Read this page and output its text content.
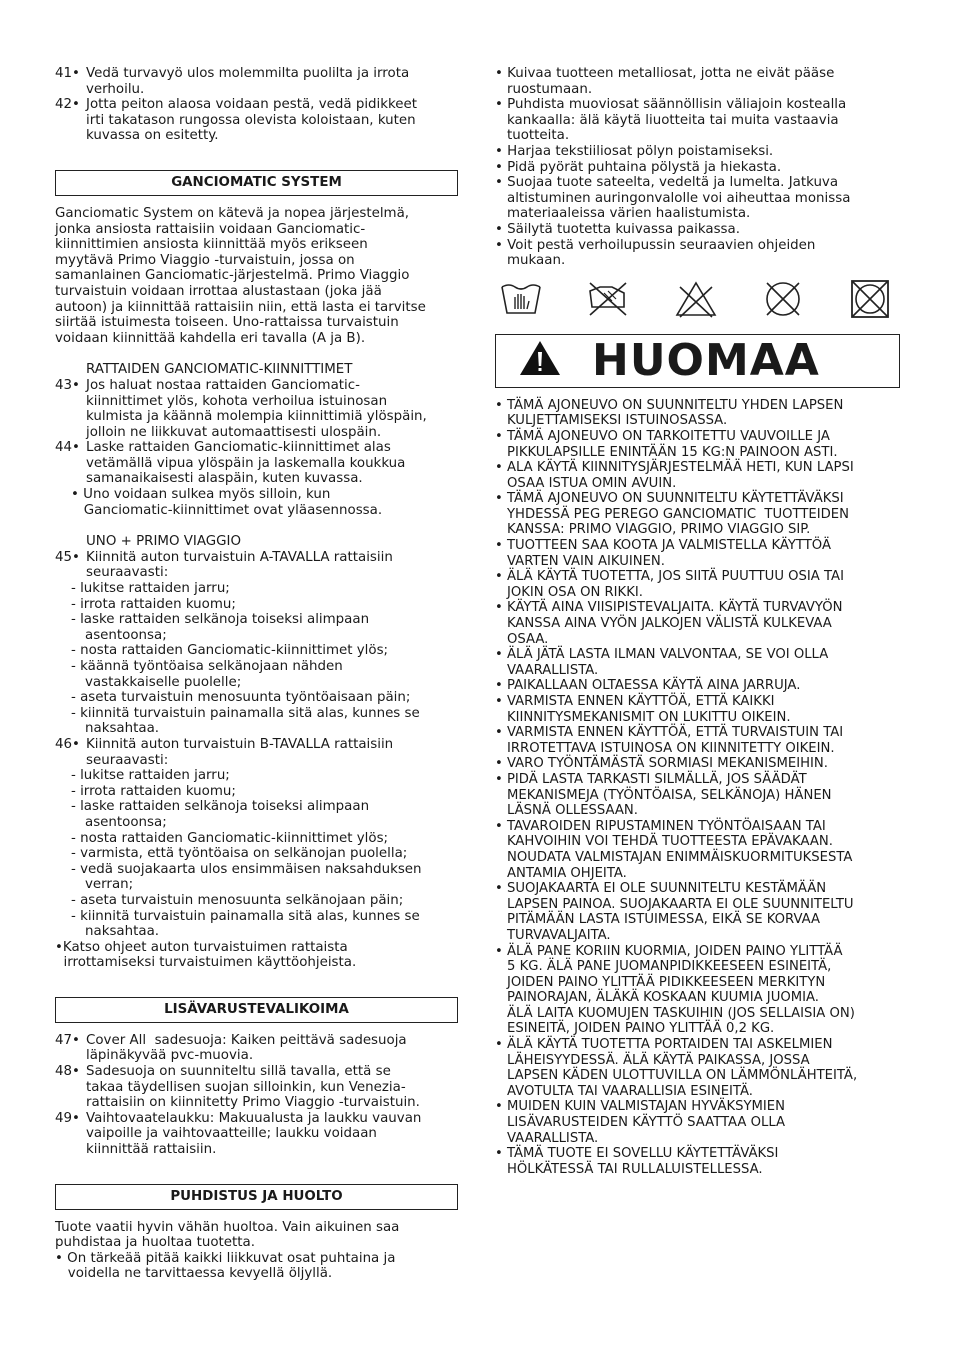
41• Vedä turvavyö ulos molemmilta puolilta ja irrota
verhoilu.
42• Jotta peiton alaosa voidaan pestä, vedä pidikkeet
irti takatason rungossa olevista koloistaan, kuten
kuvassa on esitetty.
GANCIOMATIC SYSTEM
Ganciomatic System on kätevä ja nopea järjestelmä,
jonka ansiosta rattaisiin voidaan Ganciomatic-
kiinnittimien ansiosta kiinnittää myös erikseen
myytävä Primo Viaggio -turvaistuin, jossa on
samanlainen Ganciomatic-järjestelmä. Primo Viaggio
turvaistuin voidaan irrottaa alustastaan (joka jää
autoon) ja kiinnittää rattaisiin niin, että lasta ei tarvitse
siirtää istuimesta toiseen. Uno-rattaissa turvaistuin
voidaan kiinnittää kahdella eri tavalla (A ja B).
RATTAIDEN GANCIOMATIC-KIINNITTIMET
43• Jos haluat nostaa rattaiden Ganciomatic-
kiinnittimet ylös, kohota verhoilua istuinosan
kulmista ja käännä molempia kiinnittimiä ylöspäin,
jolloin ne liikkuvat automaattisesti ulospäin.
44• Laske rattaiden Ganciomatic-kiinnittimet alas
vetämällä vipua ylöspäin ja laskemalla koukkua
samanaikaisesti alaspäin, kuten kuvassa.
• Uno voidaan sulkea myös silloin, kun
Ganciomatic-kiinnittimet ovat yläasennossa.
UNO + PRIMO VIAGGIO
45• Kiinnitä auton turvaistuin A-TAVALLA rattaisiin
seuraavasti:
- lukitse rattaiden jarru;
- irrota rattaiden kuomu;
- laske rattaiden selkänoja toiseksi alimpaan
asentoonsa;
- nosta rattaiden Ganciomatic-kiinnittimet ylös;
- käännä työntöaisa selkänojaan nähden
vastakkaiselle puolelle;
- aseta turvaistuin menosuunta työntöaisaan päin;
- kiinnitä turvaistuin painamalla sitä alas, kunnes se
naksahtaa.
46• Kiinnitä auton turvaistuin B-TAVALLA rattaisiin
seuraavasti:
- lukitse rattaiden jarru;
- irrota rattaiden kuomu;
- laske rattaiden selkänoja toiseksi alimpaan
asentoonsa;
- nosta rattaiden Ganciomatic-kiinnittimet ylös;
- varmista, että työntöaisa on selkänojan puolella;
- vedä suojakaarta ulos ensimmäisen naksahduksen
verran;
- aseta turvaistuin menosuunta selkänojaan päin;
- kiinnitä turvaistuin painamalla sitä alas, kunnes se
naksahtaa.
•Katso ohjeet auton turvaistuimen rattaista
irrottamiseksi turvaistuimen käyttöohjeista.
LISÄVARUSTEVALIKOIMA
47• Cover All  sadesuoja: Kaiken peittävä sadesuoja
läpinäkyvää pvc-muovia.
48• Sadesuoja on suunniteltu sillä tavalla, että se
takaa täydellisen suojan silloinkin, kun Venezia-
rattaisiin on kiinnitetty Primo Viaggio -turvaistuin.
49• Vaihtovaatelaukku: Makuualusta ja laukku vauvan
vaipoille ja vaihtovaatteille; laukku voidaan
kiinnittää rattaisiin.
PUHDISTUS JA HUOLTO
Tuote vaatii hyvin vähän huoltoa. Vain aikuinen saa
puhdistaa ja huoltaa tuotetta.
• On tärkeää pitää kaikki liikkuvat osat puhtaina ja
voidella ne tarvittaessa kevyellä öljyllä.
• Kuivaa tuotteen metalliosat, jotta ne eivät pääse
ruostumaan.
• Puhdista muoviosat säännöllisin väliajoin kostealla
kankaalla: älä käytä liuotteita tai muita vastaavia
tuotteita.
• Harjaa tekstiiliosat pölyn poistamiseksi.
• Pidä pyörät puhtaina pölystä ja hiekasta.
• Suojaa tuote sateelta, vedeltä ja lumelta. Jatkuva
altistuminen auringonvalolle voi aiheuttaa monissa
materiaaleissa värien haalistumista.
• Säilytä tuotetta kuivassa paikassa.
• Voit pestä verhoilupussin seuraavien ohjeiden
mukaan.
HUOMAA
• TÄMÄ AJONEUVO ON SUUNNITELTU YHDEN LAPSEN
KULJETTAMISEKSI ISTUINOSASSA.
• TÄMÄ AJONEUVO ON TARKOITETTU VAUVOILLE JA
PIKKULAPSILLE ENINTÄÄN 15 KG:N PAINOON ASTI.
• ALA KÄYTÄ KIINNITYSJÄRJESTELMÄÄ HETI, KUN LAPSI
OSAA ISTUA OMIN AVUIN.
• TÄMÄ AJONEUVO ON SUUNNITELTU KÄYTETTÄVÄKSI
YHDESSÄ PEG PEREGO GANCIOMATIC  TUOTTEIDEN
KANSSA: PRIMO VIAGGIO, PRIMO VIAGGIO SIP.
• TUOTTEEN SAA KOOTA JA VALMISTELLA KÄYTTÖÄ
VARTEN VAIN AIKUINEN.
• ÄLÄ KÄYTÄ TUOTETTA, JOS SIITÄ PUUTTUU OSIA TAI
JOKIN OSA ON RIKKI.
• KÄYTÄ AINA VIISIPISTEVALJAITA. KÄYTÄ TURVAVYÖN
KANSSA AINA VYÖN JALKOJEN VÄLISTÄ KULKEVAA
OSAA.
• ÄLÄ JÄTÄ LASTA ILMAN VALVONTAA, SE VOI OLLA
VAARALLISTA.
• PAIKALLAAN OLTAESSA KÄYTÄ AINA JARRUJA.
• VARMISTA ENNEN KÄYTTÖÄ, ETTÄ KAIKKI
KIINNITYSMEKANISMIT ON LUKITTU OIKEIN.
• VARMISTA ENNEN KÄYTTÖÄ, ETTÄ TURVAISTUIN TAI
IRROTETTAVA ISTUINOSA ON KIINNITETTY OIKEIN.
• VARO TYÖNTÄMÄSTÄ SORMIASI MEKANISMEIHIN.
• PIDÄ LASTA TARKASTI SILMÄLLÄ, JOS SÄÄDÄT
MEKANISMEJA (TYÖNTÖAISA, SELKÄNOJA) HÄNEN
LÄSNÄ OLLESSAAN.
• TAVAROIDEN RIPUSTAMINEN TYÖNTÖAISAAN TAI
KAHVOIHIN VOI TEHDÄ TUOTTEESTA EPÄVAKAAN.
NOUDATA VALMISTAJAN ENIMMÄISKUORMITUKSESTA
ANTAMIA OHJEITA.
• SUOJAKAARTA EI OLE SUUNNITELTU KESTÄMÄÄN
LAPSEN PAINOA. SUOJAKAARTA EI OLE SUUNNITELTU
PITÄMÄÄN LASTA ISTUIMESSA, EIKÄ SE KORVAA
TURVAVALJAITA.
• ÄLÄ PANE KORIIN KUORMIA, JOIDEN PAINO YLITTÄÄ
5 KG. ÄLÄ PANE JUOMANPIDIKKEESEEN ESINEITÄ,
JOIDEN PAINO YLITTÄÄ PIDIKKEESEEN MERKITYN
PAINORAJAN, ÄLÄKÄ KOSKAAN KUUMIA JUOMIA.
ÄLÄ LAITA KUOMUJEN TASKUIHIN (JOS SELLAISIA ON)
ESINEITÄ, JOIDEN PAINO YLITTÄÄ 0,2 KG.
• ÄLÄ KÄYTÄ TUOTETTA PORTAIDEN TAI ASKELMIEN
LÄHEISYYDESSÄ. ÄLÄ KÄYTÄ PAIKASSA, JOSSA
LAPSEN KÄDEN ULOTTUVILLA ON LÄMMÖNLÄHTEITÄ,
AVOTULTA TAI VAARALLISIA ESINEITÄ.
• MUIDEN KUIN VALMISTAJAN HYVÄKSYMIEN
LISÄVARUSTEIDEN KÄYTTÖ SAATTAA OLLA
VAARALLISTA.
• TÄMÄ TUOTE EI SOVELLU KÄYTETTÄVÄKSI
HÖLKÄTESSÄ TAI RULLALUISTELLESSA.
